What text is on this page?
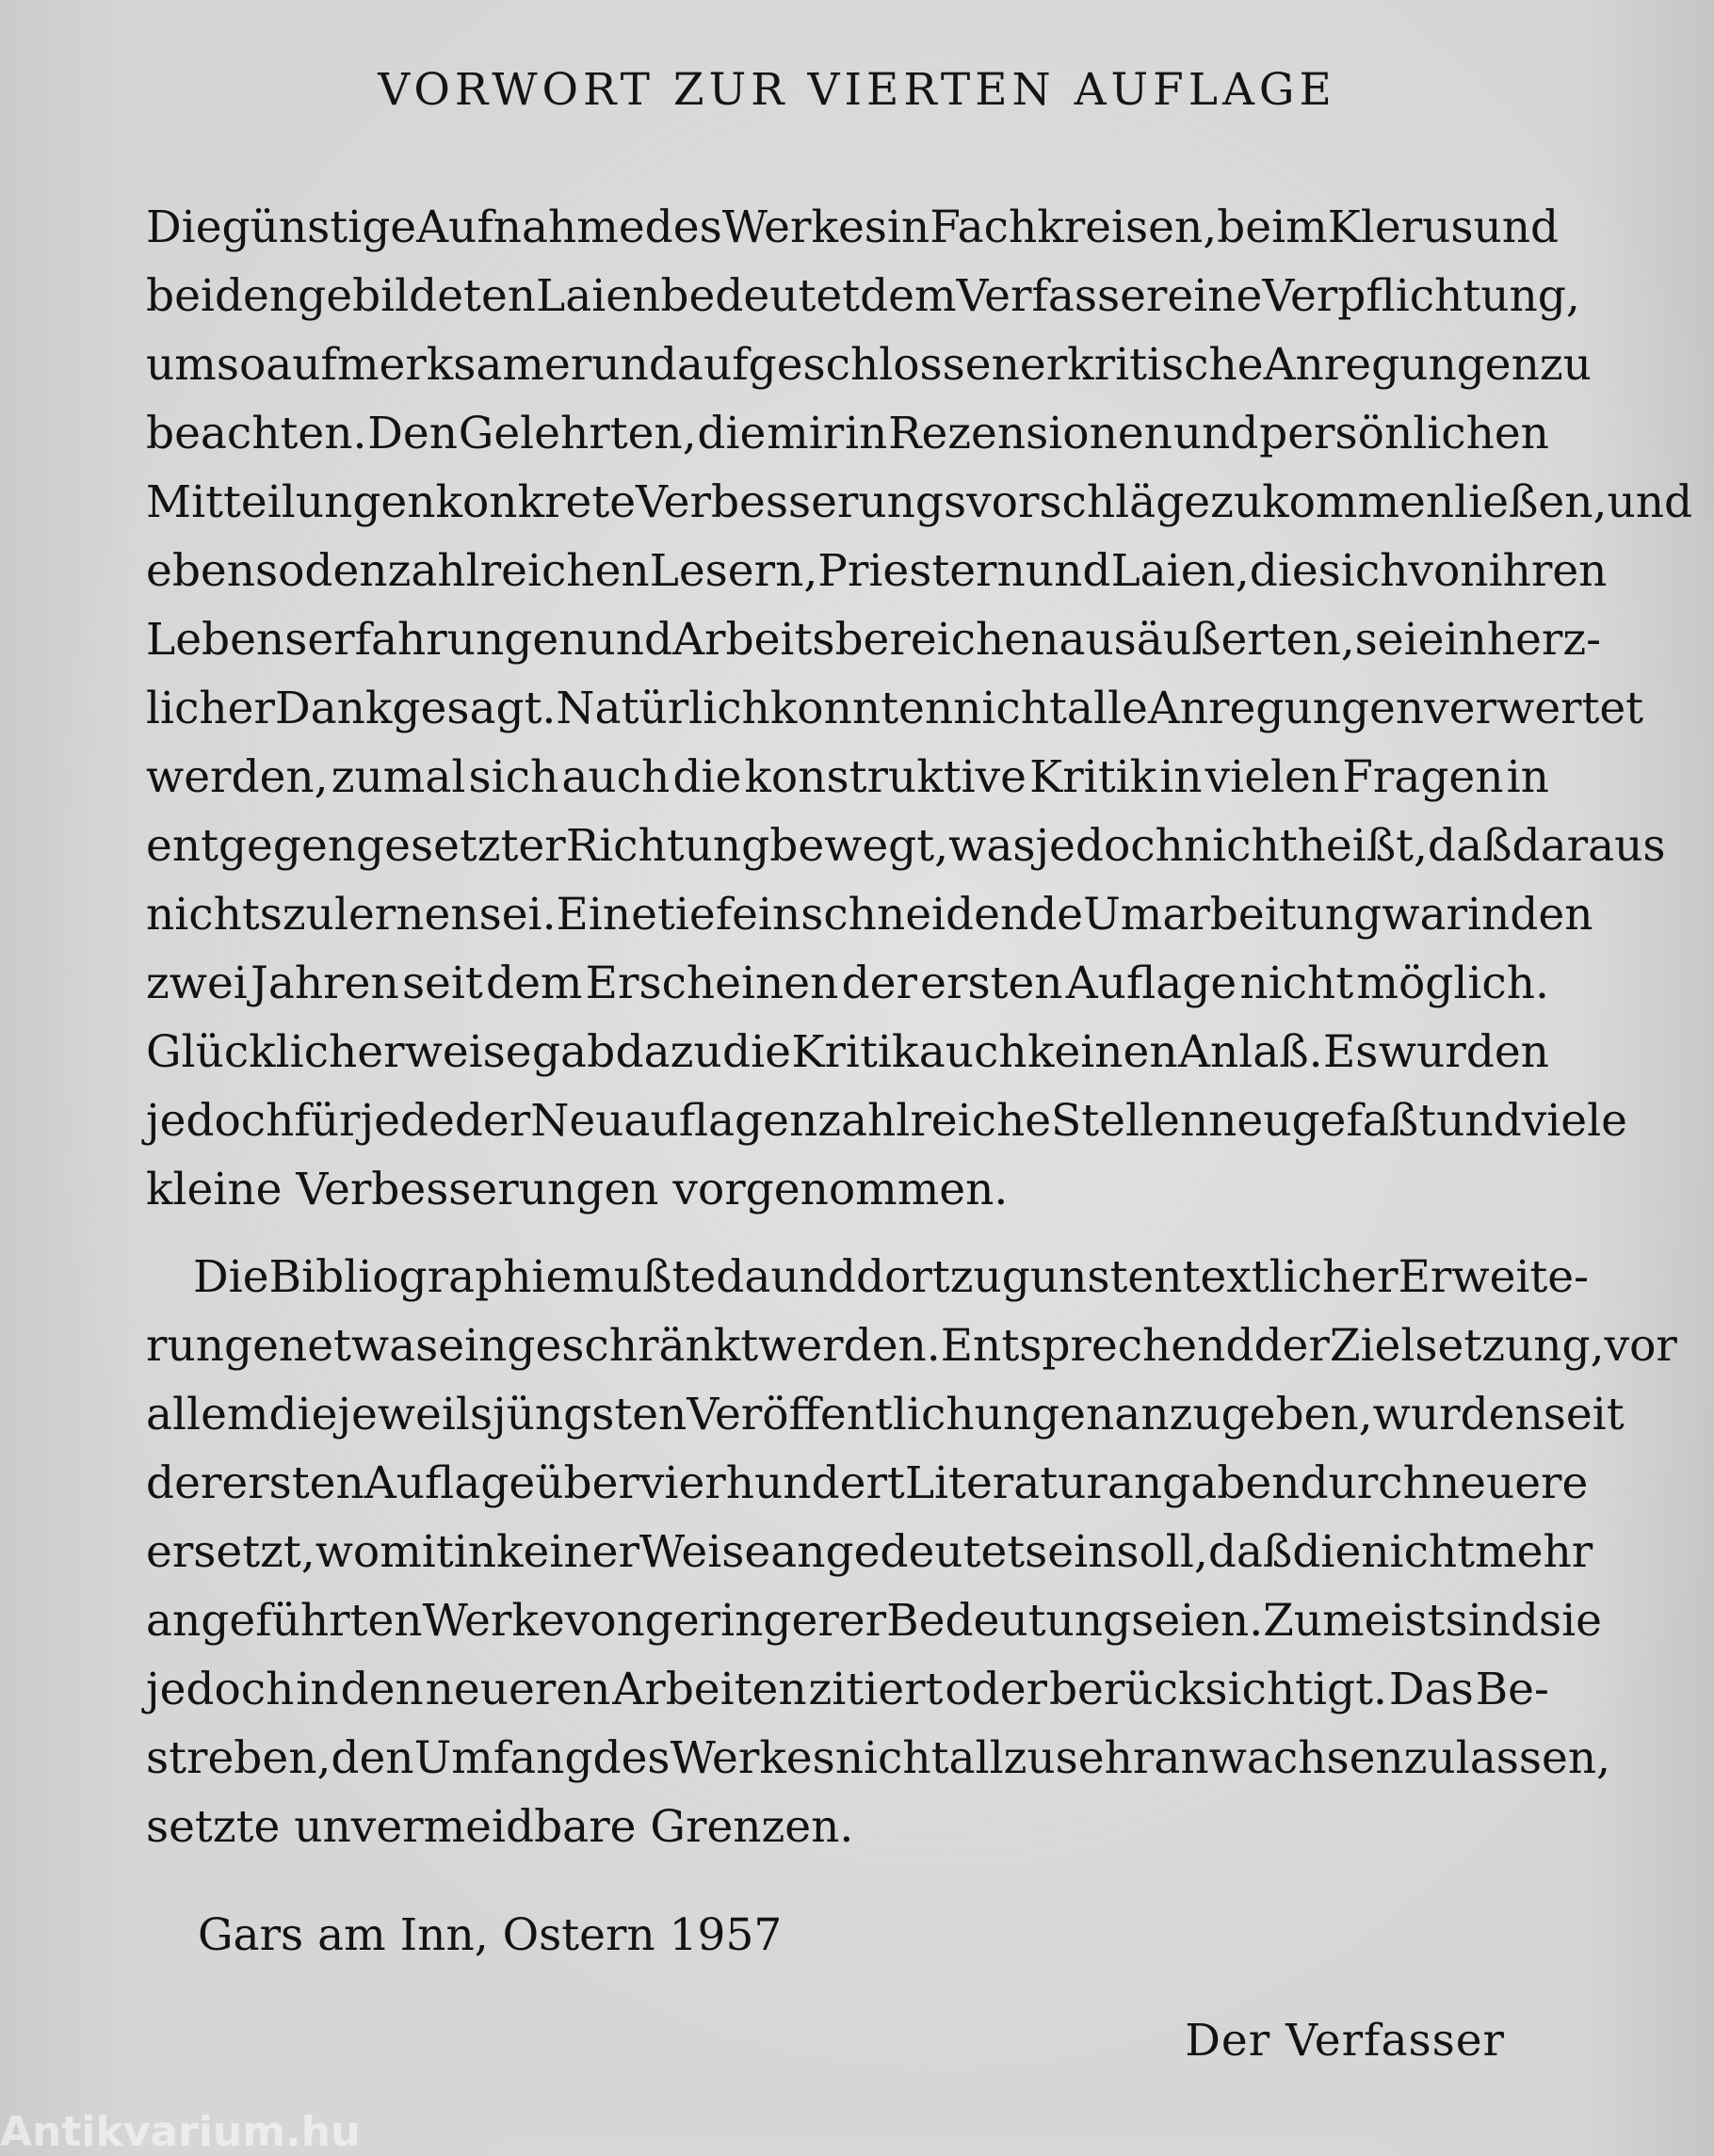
VORWORT ZUR VIERTEN AUFLAGE
Die günstige Aufnahme des Werkes in Fachkreisen, beim Klerus und
bei den gebildeten Laien bedeutet dem Verfasser eine Verpflichtung,
um so aufmerksamer und aufgeschlossener kritische Anregungen zu
beachten. Den Gelehrten, die mir in Rezensionen und persönlichen
Mitteilungen konkrete Verbesserungsvorschläge zukommen ließen, und
ebenso den zahlreichen Lesern, Priestern und Laien, die sich von ihren
Lebenserfahrungen und Arbeitsbereichen aus äußerten, sei ein herz-
licher Dank gesagt. Natürlich konnten nicht alle Anregungen verwertet
werden, zumal sich auch die konstruktive Kritik in vielen Fragen in
entgegengesetzter Richtung bewegt, was jedoch nicht heißt, daß daraus
nichts zu lernen sei. Eine tief einschneidende Umarbeitung war in den
zwei Jahren seit dem Erscheinen der ersten Auflage nicht möglich.
Glücklicherweise gab dazu die Kritik auch keinen Anlaß. Es wurden
jedoch für jede der Neuauflagen zahlreiche Stellen neu gefaßt und viele
kleine Verbesserungen vorgenommen.
Die Bibliographie mußte da und dort zugunsten textlicher Erweite-
rungen etwas eingeschränkt werden. Entsprechend der Zielsetzung, vor
allem die jeweils jüngsten Veröffentlichungen anzugeben, wurden seit
der ersten Auflage über vierhundert Literaturangaben durch neuere
ersetzt, womit in keiner Weise angedeutet sein soll, daß die nicht mehr
angeführten Werke von geringerer Bedeutung seien. Zumeist sind sie
jedoch in den neueren Arbeiten zitiert oder berücksichtigt. Das Be-
streben, den Umfang des Werkes nicht allzusehr anwachsen zu lassen,
setzte unvermeidbare Grenzen.
Gars am Inn, Ostern 1957
Der Verfasser
Antikvarium.hu
